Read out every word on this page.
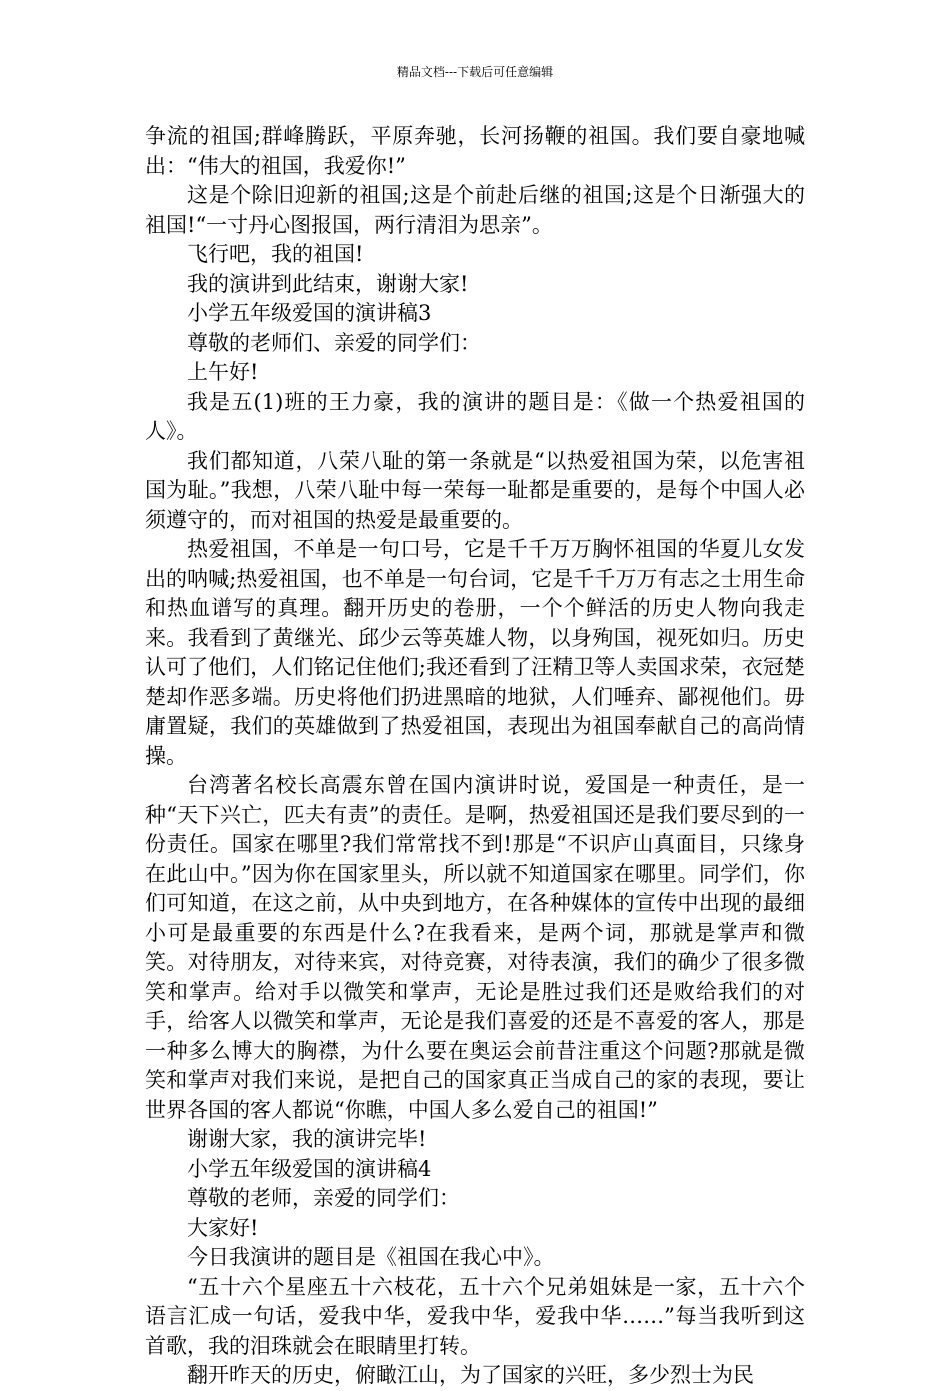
精品文档---下载后可任意编辑

争流的祖国;群峰腾跃，平原奔驰，长河扬鞭的祖国。我们要自豪地喊出：“伟大的祖国，我爱你!”

这是个除旧迎新的祖国;这是个前赴后继的祖国;这是个日渐强大的祖国!“一寸丹心图报国，两行清泪为思亲”。

飞行吧，我的祖国!

我的演讲到此结束，谢谢大家!

小学五年级爱国的演讲稿3

尊敬的老师们、亲爱的同学们：

上午好!

我是五(1)班的王力豪，我的演讲的题目是：《做一个热爱祖国的人》。

我们都知道，八荣八耻的第一条就是“以热爱祖国为荣，以危害祖国为耻。”我想，八荣八耻中每一荣每一耻都是重要的，是每个中国人必须遵守的，而对祖国的热爱是最重要的。

热爱祖国，不单是一句口号，它是千千万万胸怀祖国的华夏儿女发出的呐喊;热爱祖国，也不单是一句台词，它是千千万万有志之士用生命和热血谱写的真理。翻开历史的卷册，一个个鲜活的历史人物向我走来。我看到了黄继光、邱少云等英雄人物，以身殉国，视死如归。历史认可了他们，人们铭记住他们;我还看到了汪精卫等人卖国求荣，衣冠楚楚却作恶多端。历史将他们扔进黑暗的地狱，人们唾弃、鄙视他们。毋庸置疑，我们的英雄做到了热爱祖国，表现出为祖国奉献自己的高尚情操。

台湾著名校长高震东曾在国内演讲时说，爱国是一种责任，是一种“天下兴亡，匹夫有责”的责任。是啊，热爱祖国还是我们要尽到的一份责任。国家在哪里?我们常常找不到!那是“不识庐山真面目，只缘身在此山中。”因为你在国家里头，所以就不知道国家在哪里。同学们，你们可知道，在这之前，从中央到地方，在各种媒体的宣传中出现的最细小可是最重要的东西是什么?在我看来，是两个词，那就是掌声和微笑。对待朋友，对待来宾，对待竞赛，对待表演，我们的确少了很多微笑和掌声。给对手以微笑和掌声，无论是胜过我们还是败给我们的对手，给客人以微笑和掌声，无论是我们喜爱的还是不喜爱的客人，那是一种多么博大的胸襟，为什么要在奥运会前昔注重这个问题?那就是微笑和掌声对我们来说，是把自己的国家真正当成自己的家的表现，要让世界各国的客人都说“你瞧，中国人多么爱自己的祖国!”

谢谢大家，我的演讲完毕!

小学五年级爱国的演讲稿4

尊敬的老师，亲爱的同学们：

大家好!

今日我演讲的题目是《祖国在我心中》。

“五十六个星座五十六枝花，五十六个兄弟姐妹是一家，五十六个语言汇成一句话，爱我中华，爱我中华，爱我中华……”每当我听到这首歌，我的泪珠就会在眼睛里打转。

翻开昨天的历史，俯瞰江山，为了国家的兴旺，多少烈士为民
